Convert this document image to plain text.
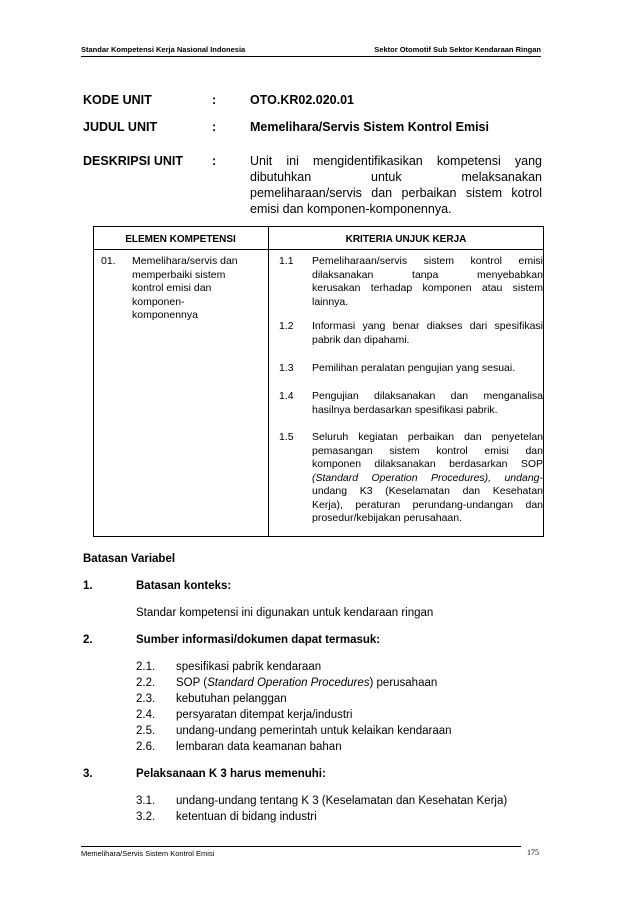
Standar Kompetensi Kerja Nasional Indonesia	Sektor Otomotif Sub Sektor Kendaraan Ringan
KODE UNIT	:	OTO.KR02.020.01
JUDUL UNIT	:	Memelihara/Servis Sistem Kontrol Emisi
DESKRIPSI UNIT :	Unit ini mengidentifikasikan kompetensi yang
dibutuhkan untuk melaksanakan
pemeliharaan/servis dan perbaikan sistem kotrol
emisi dan komponen-komponennya.
ELEMEN KOMPETENSI	KRITERIA UNJUK KERJA
01. Memelihara/servis dan
memperbaiki sistem
kontrol emisi dan
komponen-
komponennya
1.1 Pemeliharaan/servis sistem kontrol emisi
dilaksanakan tanpa menyebabkan
kerusakan terhadap komponen atau sistem
lainnya.
1.2 Informasi yang benar diakses dari spesifikasi
pabrik dan dipahami.
1.3 Pemilihan peralatan pengujian yang sesuai.
1.4 Pengujian dilaksanakan dan menganalisa
hasilnya berdasarkan spesifikasi pabrik.
1.5 Seluruh kegiatan perbaikan dan penyetelan
pemasangan sistem kontrol emisi dan
komponen dilaksanakan berdasarkan SOP
(Standard Operation Procedures), undang-
undang K3 (Keselamatan dan Kesehatan
Kerja), peraturan perundang-undangan dan
prosedur/kebijakan perusahaan.
Batasan Variabel
1.	Batasan konteks:
Standar kompetensi ini digunakan untuk kendaraan ringan
2.	Sumber informasi/dokumen dapat termasuk:
2.1. spesifikasi pabrik kendaraan
2.2. SOP (Standard Operation Procedures) perusahaan
2.3. kebutuhan pelanggan
2.4. persyaratan ditempat kerja/industri
2.5. undang-undang pemerintah untuk kelaikan kendaraan
2.6. lembaran data keamanan bahan
3.	Pelaksanaan K 3 harus memenuhi:
3.1. undang-undang tentang K 3 (Keselamatan dan Kesehatan Kerja)
3.2. ketentuan di bidang industri
Memelihara/Servis Sistem Kontrol Emisi	175
